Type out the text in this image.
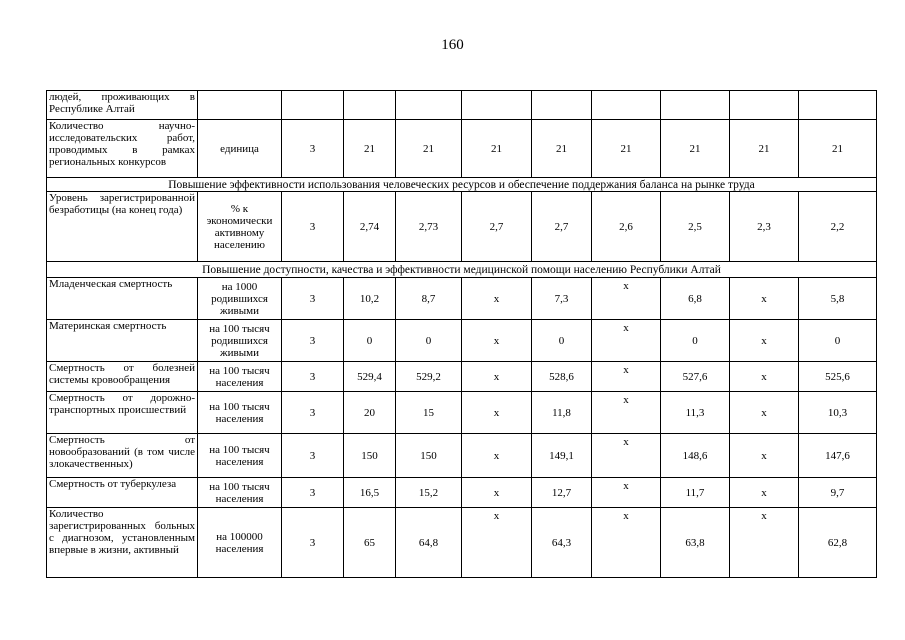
160
людей, проживающих в Республике Алтай										
Количество научно-исследовательских работ, проводимых в рамках региональных конкурсов	единица	3	21	21	21	21	21	21	21	21
Повышение эффективности использования человеческих ресурсов и обеспечение поддержания баланса на рынке труда										
Уровень зарегистрированной безработицы (на конец года)	% к экономически активному населению	3	2,74	2,73	2,7	2,7	2,6	2,5	2,3	2,2
Повышение доступности, качества и эффективности медицинской помощи населению Республики Алтай										
Младенческая смертность	на 1000 родившихся живыми	3	10,2	8,7	х	7,3	х	6,8	х	5,8
Материнская смертность	на 100 тысяч родившихся живыми	3	0	0	х	0	х	0	х	0
Смертность от болезней системы кровообращения	на 100 тысяч населения	3	529,4	529,2	х	528,6	х	527,6	х	525,6
Смертность от дорожно-транспортных происшествий	на 100 тысяч населения	3	20	15	х	11,8	х	11,3	х	10,3
Смертность от новообразований (в том числе злокачественных)	на 100 тысяч населения	3	150	150	х	149,1	х	148,6	х	147,6
Смертность от туберкулеза	на 100 тысяч населения	3	16,5	15,2	х	12,7	х	11,7	х	9,7
Количество зарегистрированных больных с диагнозом, установленным впервые в жизни, активный	на 100000 населения	3	65	64,8	х	64,3	х	63,8	х	62,8
